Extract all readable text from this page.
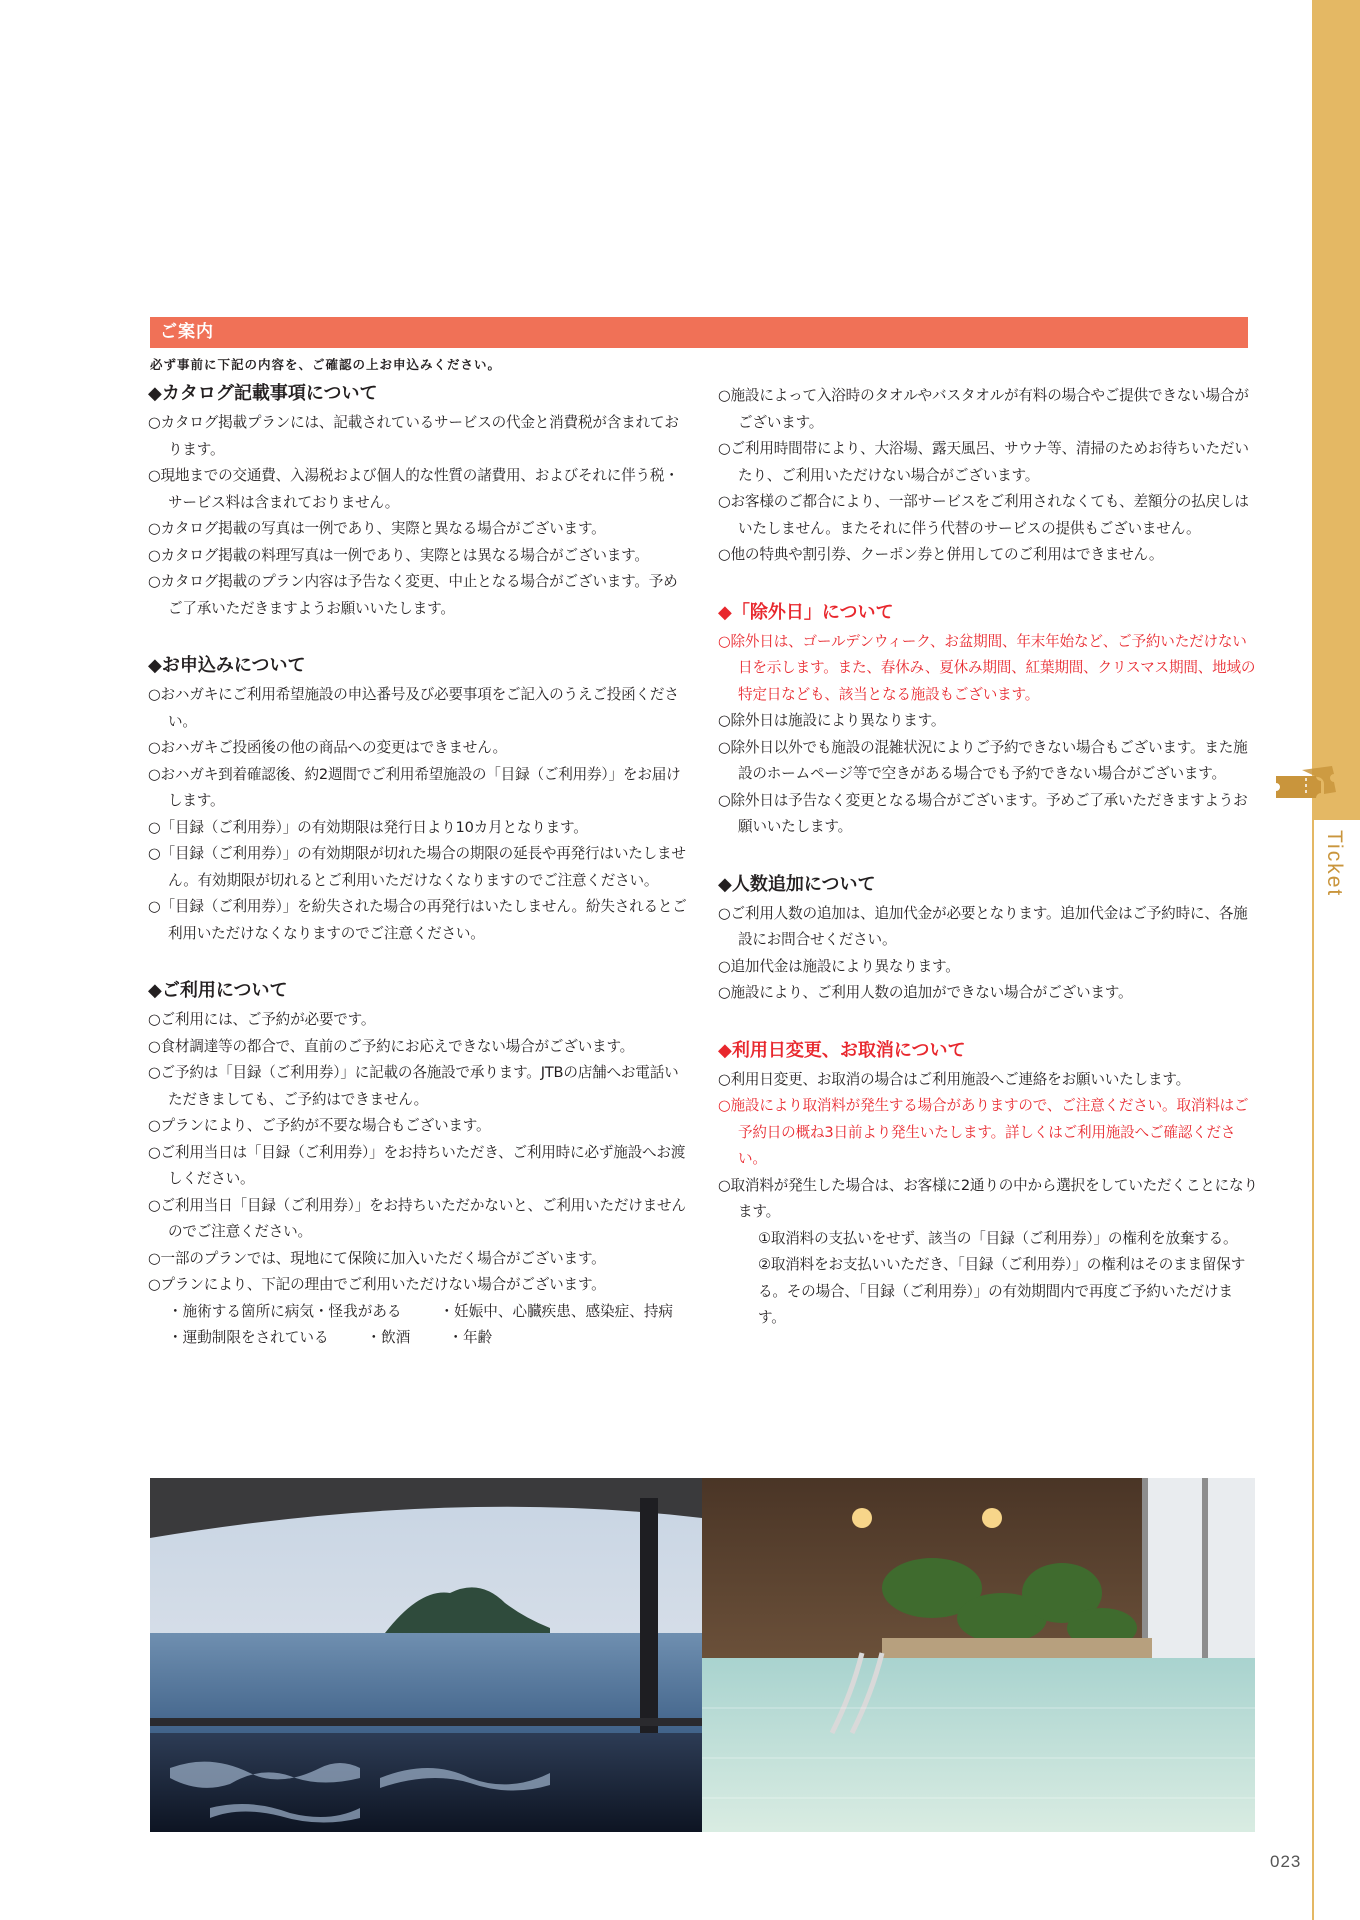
Ticket
ご案内
必ず事前に下記の内容を、ご確認の上お申込みください。
◆カタログ記載事項について

○カタログ掲載プランには、記載されているサービスの代金と消費税が含まれております。

○現地までの交通費、入湯税および個人的な性質の諸費用、およびそれに伴う税・サービス料は含まれておりません。

○カタログ掲載の写真は一例であり、実際と異なる場合がございます。

○カタログ掲載の料理写真は一例であり、実際とは異なる場合がございます。

○カタログ掲載のプラン内容は予告なく変更、中止となる場合がございます。予めご了承いただきますようお願いいたします。

◆お申込みについて

○おハガキにご利用希望施設の申込番号及び必要事項をご記入のうえご投函ください。

○おハガキご投函後の他の商品への変更はできません。

○おハガキ到着確認後、約2週間でご利用希望施設の「目録（ご利用券）」をお届けします。

○「目録（ご利用券）」の有効期限は発行日より10カ月となります。

○「目録（ご利用券）」の有効期限が切れた場合の期限の延長や再発行はいたしません。有効期限が切れるとご利用いただけなくなりますのでご注意ください。

○「目録（ご利用券）」を紛失された場合の再発行はいたしません。紛失されるとご利用いただけなくなりますのでご注意ください。

◆ご利用について

○ご利用には、ご予約が必要です。

○食材調達等の都合で、直前のご予約にお応えできない場合がございます。

○ご予約は「目録（ご利用券）」に記載の各施設で承ります。JTBの店舗へお電話いただきましても、ご予約はできません。

○プランにより、ご予約が不要な場合もございます。

○ご利用当日は「目録（ご利用券）」をお持ちいただき、ご利用時に必ず施設へお渡しください。

○ご利用当日「目録（ご利用券）」をお持ちいただかないと、ご利用いただけませんのでご注意ください。

○一部のプランでは、現地にて保険に加入いただく場合がございます。

○プランにより、下記の理由でご利用いただけない場合がございます。

・施術する箇所に病気・怪我がある	・妊娠中、心臓疾患、感染症、持病
・運動制限をされている	・飲酒	・年齢

○施設によって入浴時のタオルやバスタオルが有料の場合やご提供できない場合がございます。

○ご利用時間帯により、大浴場、露天風呂、サウナ等、清掃のためお待ちいただいたり、ご利用いただけない場合がございます。

○お客様のご都合により、一部サービスをご利用されなくても、差額分の払戻しはいたしません。またそれに伴う代替のサービスの提供もございません。

○他の特典や割引券、クーポン券と併用してのご利用はできません。

◆「除外日」について

○除外日は、ゴールデンウィーク、お盆期間、年末年始など、ご予約いただけない日を示します。また、春休み、夏休み期間、紅葉期間、クリスマス期間、地域の特定日なども、該当となる施設もございます。

○除外日は施設により異なります。

○除外日以外でも施設の混雑状況によりご予約できない場合もございます。また施設のホームページ等で空きがある場合でも予約できない場合がございます。

○除外日は予告なく変更となる場合がございます。予めご了承いただきますようお願いいたします。

◆人数追加について

○ご利用人数の追加は、追加代金が必要となります。追加代金はご予約時に、各施設にお問合せください。

○追加代金は施設により異なります。

○施設により、ご利用人数の追加ができない場合がございます。

◆利用日変更、お取消について

○利用日変更、お取消の場合はご利用施設へご連絡をお願いいたします。

○施設により取消料が発生する場合がありますので、ご注意ください。取消料はご予約日の概ね3日前より発生いたします。詳しくはご利用施設へご確認ください。

○取消料が発生した場合は、お客様に2通りの中から選択をしていただくことになります。

①取消料の支払いをせず、該当の「目録（ご利用券）」の権利を放棄する。

②取消料をお支払いいただき、「目録（ご利用券）」の権利はそのまま留保する。その場合、「目録（ご利用券）」の有効期間内で再度ご予約いただけます。

023
